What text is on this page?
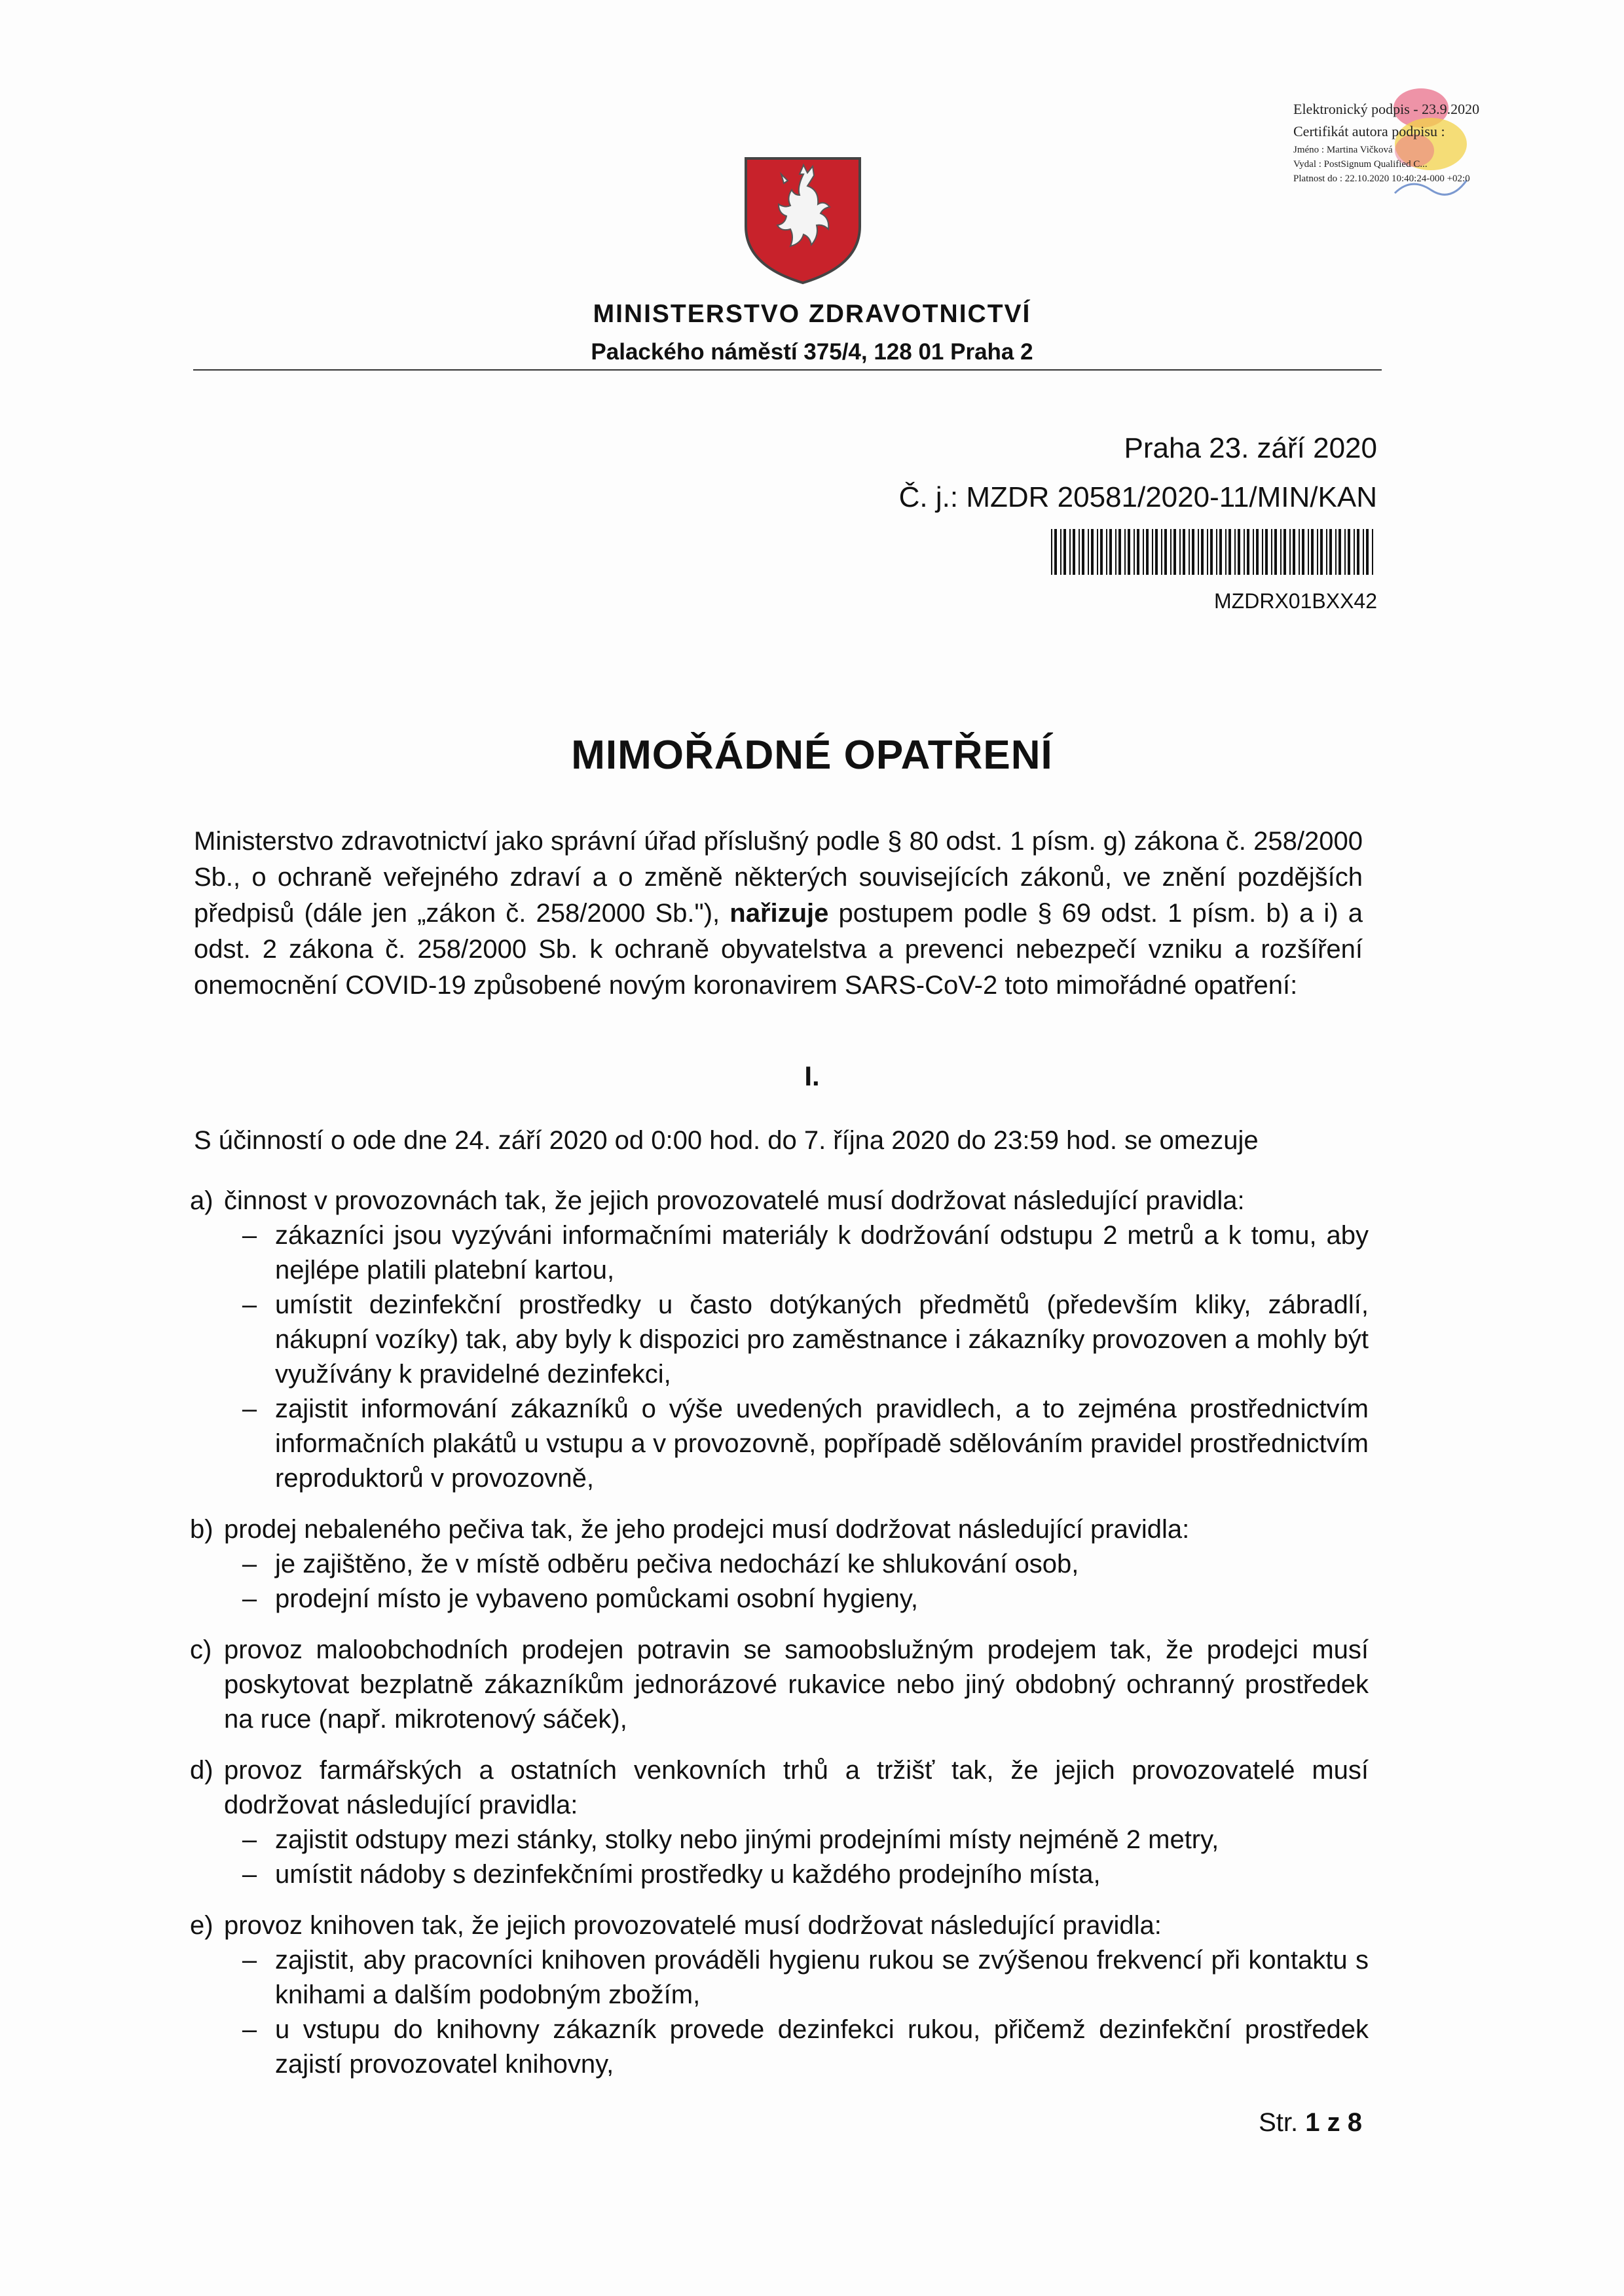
Elektronický podpis - 23.9.2020
Certifikát autora podpisu :
Jméno : Martina Vičková
Vydal : PostSignum Qualified C...
Platnost do : 22.10.2020 10:40:24-000 +02:0
MINISTERSTVO ZDRAVOTNICTVÍ
Palackého náměstí 375/4, 128 01 Praha 2
Praha 23. září 2020
Č. j.: MZDR 20581/2020-11/MIN/KAN
MZDRX01BXX42
MIMOŘÁDNÉ OPATŘENÍ
Ministerstvo zdravotnictví jako správní úřad příslušný podle § 80 odst. 1 písm. g) zákona č. 258/2000 Sb., o ochraně veřejného zdraví a o změně některých souvisejících zákonů, ve znění pozdějších předpisů (dále jen „zákon č. 258/2000 Sb."), nařizuje postupem podle § 69 odst. 1 písm. b) a i) a odst. 2 zákona č. 258/2000 Sb. k ochraně obyvatelstva a prevenci nebezpečí vzniku a rozšíření onemocnění COVID-19 způsobené novým koronavirem SARS-CoV-2 toto mimořádné opatření:
I.
S účinností o ode dne 24. září 2020 od 0:00 hod. do 7. října 2020 do 23:59 hod. se omezuje
a) činnost v provozovnách tak, že jejich provozovatelé musí dodržovat následující pravidla:
– zákazníci jsou vyzýváni informačními materiály k dodržování odstupu 2 metrů a k tomu, aby nejlépe platili platební kartou,
– umístit dezinfekční prostředky u často dotýkaných předmětů (především kliky, zábradlí, nákupní vozíky) tak, aby byly k dispozici pro zaměstnance i zákazníky provozoven a mohly být využívány k pravidelné dezinfekci,
– zajistit informování zákazníků o výše uvedených pravidlech, a to zejména prostřednictvím informačních plakátů u vstupu a v provozovně, popřípadě sdělováním pravidel prostřednictvím reproduktorů v provozovně,
b) prodej nebaleného pečiva tak, že jeho prodejci musí dodržovat následující pravidla:
– je zajištěno, že v místě odběru pečiva nedochází ke shlukování osob,
– prodejní místo je vybaveno pomůckami osobní hygieny,
c) provoz maloobchodních prodejen potravin se samoobslužným prodejem tak, že prodejci musí poskytovat bezplatně zákazníkům jednorázové rukavice nebo jiný obdobný ochranný prostředek na ruce (např. mikrotenový sáček),
d) provoz farmářských a ostatních venkovních trhů a tržišť tak, že jejich provozovatelé musí dodržovat následující pravidla:
– zajistit odstupy mezi stánky, stolky nebo jinými prodejními místy nejméně 2 metry,
– umístit nádoby s dezinfekčními prostředky u každého prodejního místa,
e) provoz knihoven tak, že jejich provozovatelé musí dodržovat následující pravidla:
– zajistit, aby pracovníci knihoven prováděli hygienu rukou se zvýšenou frekvencí při kontaktu s knihami a dalším podobným zbožím,
– u vstupu do knihovny zákazník provede dezinfekci rukou, přičemž dezinfekční prostředek zajistí provozovatel knihovny,
Str. 1 z 8
